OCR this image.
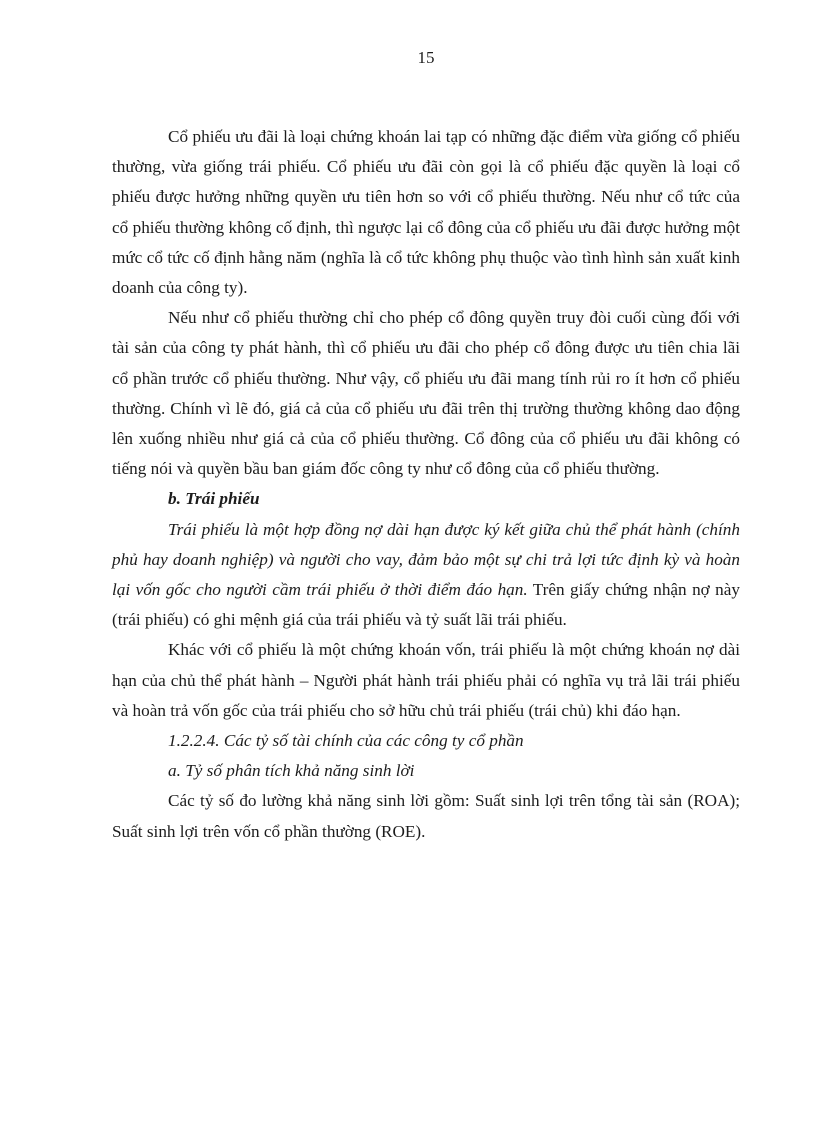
15

Cổ phiếu ưu đãi là loại chứng khoán lai tạp có những đặc điểm vừa giống cổ phiếu thường, vừa giống trái phiếu. Cổ phiếu ưu đãi còn gọi là cổ phiếu đặc quyền là loại cổ phiếu được hưởng những quyền ưu tiên hơn so với cổ phiếu thường. Nếu như cổ tức của cổ phiếu thường không cố định, thì ngược lại cổ đông của cổ phiếu ưu đãi được hưởng một mức cổ tức cố định hằng năm (nghĩa là cổ tức không phụ thuộc vào tình hình sản xuất kinh doanh của công ty).

Nếu như cổ phiếu thường chỉ cho phép cổ đông quyền truy đòi cuối cùng đối với tài sản của công ty phát hành, thì cổ phiếu ưu đãi cho phép cổ đông được ưu tiên chia lãi cổ phần trước cổ phiếu thường. Như vậy, cổ phiếu ưu đãi mang tính rủi ro ít hơn cổ phiếu thường. Chính vì lẽ đó, giá cả của cổ phiếu ưu đãi trên thị trường thường không dao động lên xuống nhiều như giá cả của cổ phiếu thường. Cổ đông của cổ phiếu ưu đãi không có tiếng nói và quyền bầu ban giám đốc công ty như cổ đông của cổ phiếu thường.

b. Trái phiếu

Trái phiếu là một hợp đồng nợ dài hạn được ký kết giữa chủ thể phát hành (chính phủ hay doanh nghiệp) và người cho vay, đảm bảo một sự chi trả lợi tức định kỳ và hoàn lại vốn gốc cho người cầm trái phiếu ở thời điểm đáo hạn. Trên giấy chứng nhận nợ này (trái phiếu) có ghi mệnh giá của trái phiếu và tỷ suất lãi trái phiếu.

Khác với cổ phiếu là một chứng khoán vốn, trái phiếu là một chứng khoán nợ dài hạn của chủ thể phát hành – Người phát hành trái phiếu phải có nghĩa vụ trả lãi trái phiếu và hoàn trả vốn gốc của trái phiếu cho sở hữu chủ trái phiếu (trái chủ) khi đáo hạn.

1.2.2.4. Các tỷ số tài chính của các công ty cổ phần

a. Tỷ số phân tích khả năng sinh lời

Các tỷ số đo lường khả năng sinh lời gồm: Suất sinh lợi trên tổng tài sản (ROA); Suất sinh lợi trên vốn cổ phần thường (ROE).
